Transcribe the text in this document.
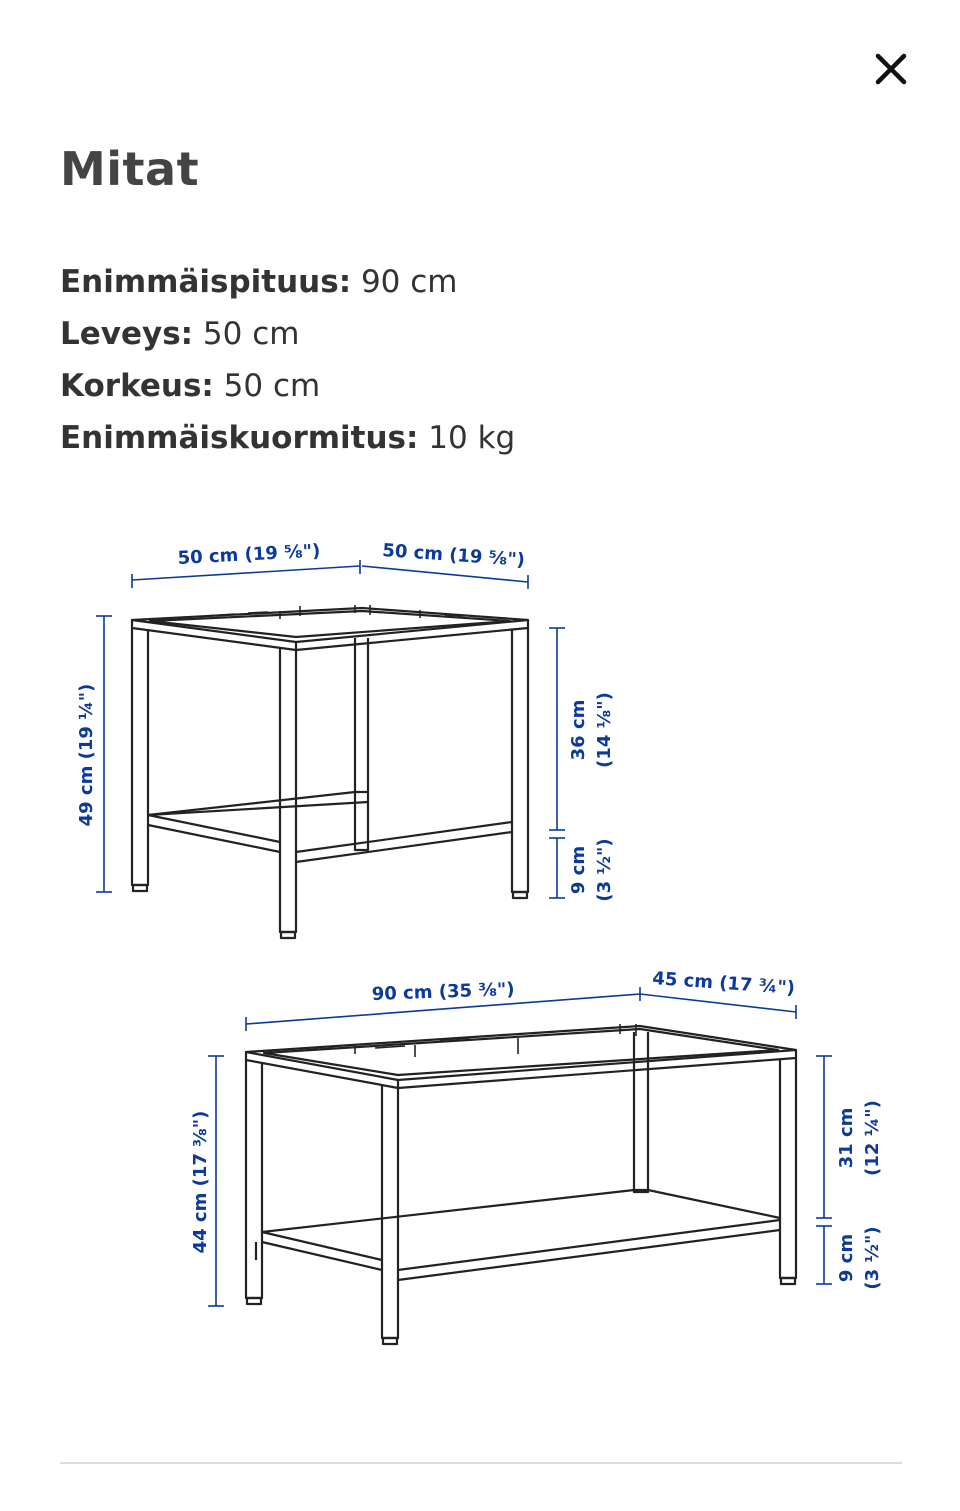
Mitat
Enimmäispituus: 90 cm
Leveys: 50 cm
Korkeus: 50 cm
Enimmäiskuormitus: 10 kg
50 cm (19 ⅝")	50 cm (19 ⅝")
49 cm (19 ¼")	36 cm (14 ⅛")
9 cm (3 ½")
90 cm (35 ⅜")	45 cm (17 ¾")
44 cm (17 ⅜")	31 cm (12 ¼")
9 cm (3 ½")
